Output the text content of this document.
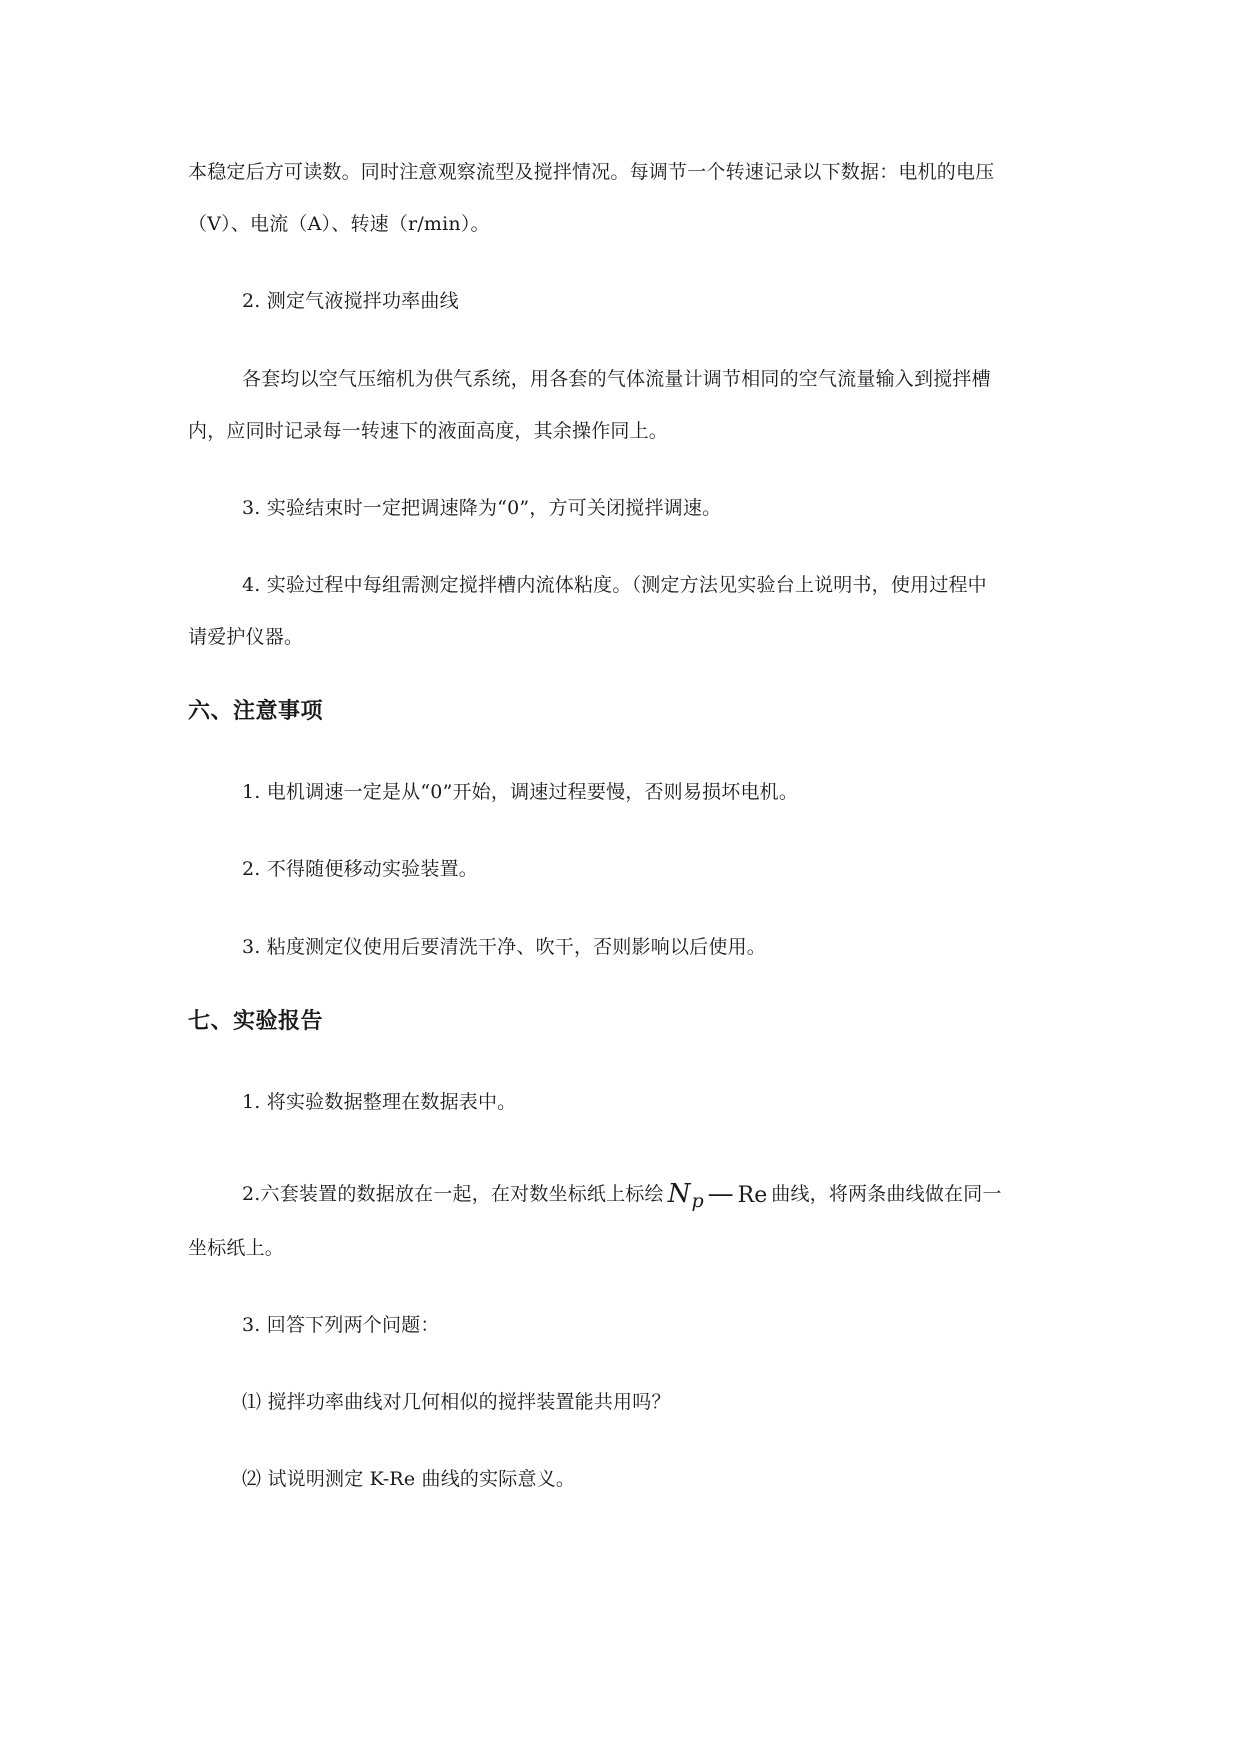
本稳定后方可读数。同时注意观察流型及搅拌情况。每调节一个转速记录以下数据：电机的电压
（V）、电流（A）、转速（r/min）。
2. 测定气液搅拌功率曲线
各套均以空气压缩机为供气系统，用各套的气体流量计调节相同的空气流量输入到搅拌槽
内，应同时记录每一转速下的液面高度，其余操作同上。
3. 实验结束时一定把调速降为“0”，方可关闭搅拌调速。
4. 实验过程中每组需测定搅拌槽内流体粘度。（测定方法见实验台上说明书，使用过程中
请爱护仪器。
六、注意事项
1. 电机调速一定是从“0”开始，调速过程要慢，否则易损坏电机。
2. 不得随便移动实验装置。
3. 粘度测定仪使用后要清洗干净、吹干，否则影响以后使用。
七、实验报告
1. 将实验数据整理在数据表中。
2.六套装置的数据放在一起，在对数坐标纸上标绘 Np — Re 曲线，将两条曲线做在同一
坐标纸上。
3. 回答下列两个问题：
⑴ 搅拌功率曲线对几何相似的搅拌装置能共用吗？
⑵ 试说明测定 K-Re 曲线的实际意义。
